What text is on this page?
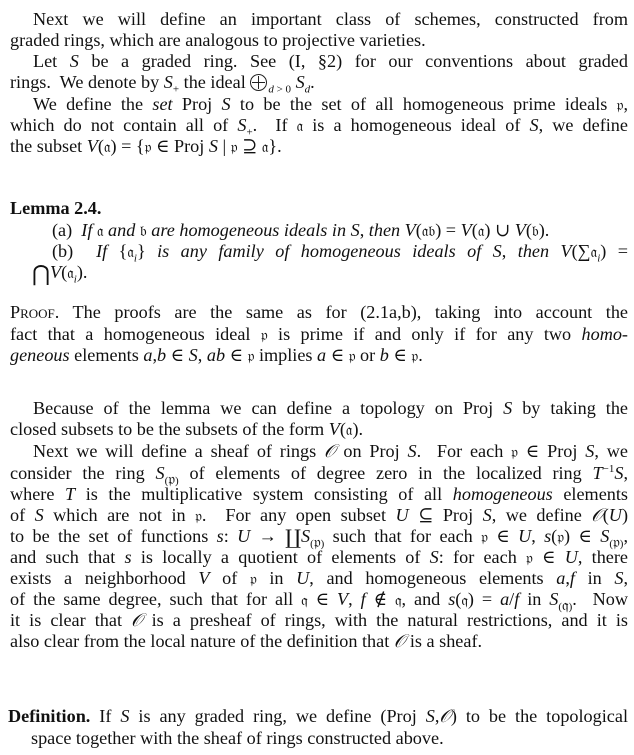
Next we will define an important class of schemes, constructed from
graded rings, which are analogous to projective varieties.
Let S be a graded ring. See (I, §2) for our conventions about graded
rings.  We denote by $S_+$ the ideal $_{d > 0}$ $S_d$.
We define the set Proj S to be the set of all homogeneous prime ideals 𝔭,
which do not contain all of $S_+$.  If 𝔞 is a homogeneous ideal of S, we define
the subset V(𝔞) = {𝔭 ∈ Proj S | 𝔭 ⊇ 𝔞}.
Lemma 2.4.
(a)  If 𝔞 and 𝔟 are homogeneous ideals in S, then V(𝔞𝔟) = V(𝔞) ∪ V(𝔟).
(b)  If {𝔞$_i$} is any family of homogeneous ideals of S, then V(∑𝔞$_i$) =
⋂V(𝔞$_i$).
Proof. The proofs are the same as for (2.1a,b), taking into account the
fact that a homogeneous ideal 𝔭 is prime if and only if for any two homo-
geneous elements a,b ∈ S, ab ∈ 𝔭 implies a ∈ 𝔭 or b ∈ 𝔭.
Because of the lemma we can define a topology on Proj S by taking the
closed subsets to be the subsets of the form V(𝔞).
Next we will define a sheaf of rings 𝒪 on Proj S.  For each 𝔭 ∈ Proj S, we
consider the ring $S_{(𝔭)}$ of elements of degree zero in the localized ring $T^{-1}S$,
where T is the multiplicative system consisting of all homogeneous elements
of S which are not in 𝔭.  For any open subset U ⊆ Proj S, we define 𝒪(U)
to be the set of functions s: $U \to ∐S_{(𝔭)}$ such that for each 𝔭 ∈ U, s(𝔭) ∈ $S_{(𝔭)}$,
and such that s is locally a quotient of elements of S: for each 𝔭 ∈ U, there
exists a neighborhood V of 𝔭 in U, and homogeneous elements a,f in S,
of the same degree, such that for all 𝔮 ∈ V, f ∉ 𝔮, and s(𝔮) = a/f in $S_{(𝔮)}$.  Now
it is clear that 𝒪 is a presheaf of rings, with the natural restrictions, and it is
also clear from the local nature of the definition that 𝒪 is a sheaf.
Definition. If S is any graded ring, we define (Proj S,𝒪) to be the topological
space together with the sheaf of rings constructed above.
